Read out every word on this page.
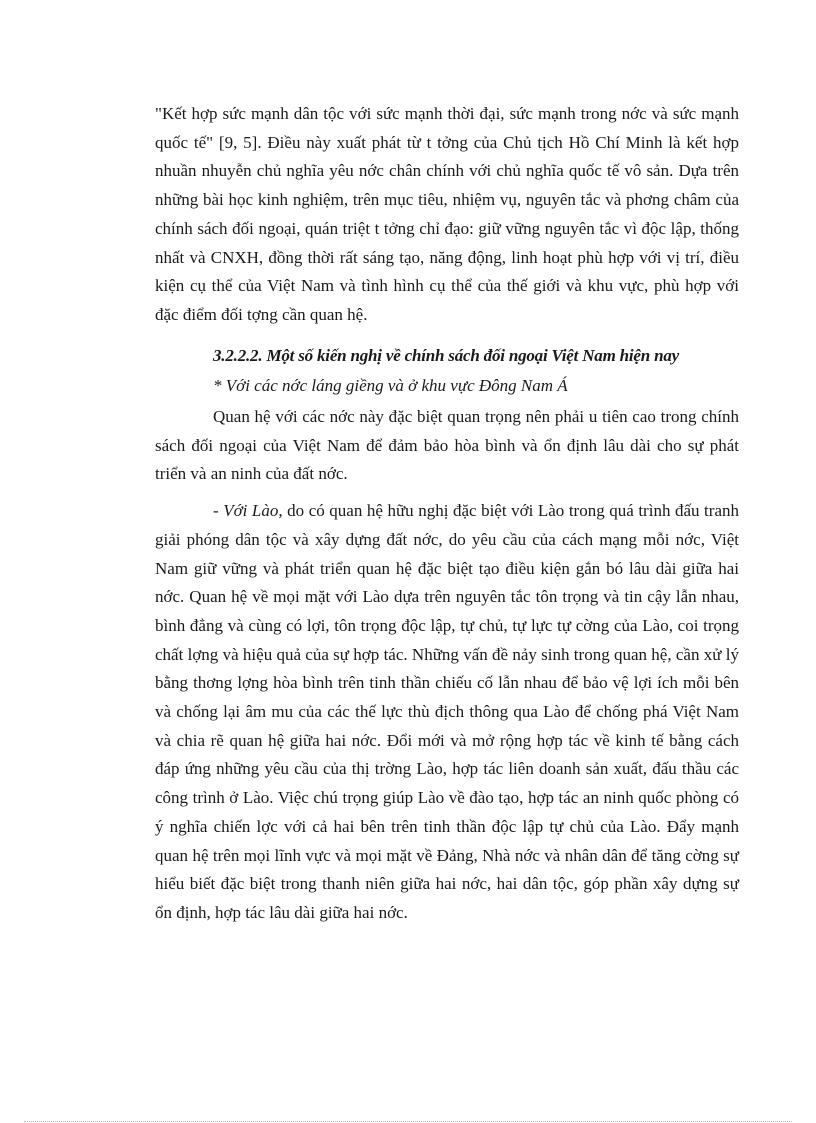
"Kết hợp sức mạnh dân tộc với sức mạnh thời đại, sức mạnh trong nớc và sức mạnh quốc tế" [9, 5]. Điều này xuất phát từ t tởng của Chủ tịch Hồ Chí Minh là kết hợp nhuần nhuyễn chủ nghĩa yêu nớc chân chính với chủ nghĩa quốc tế vô sản. Dựa trên những bài học kinh nghiệm, trên mục tiêu, nhiệm vụ, nguyên tắc và phơng châm của chính sách đối ngoại, quán triệt t tởng chỉ đạo: giữ vững nguyên tắc vì độc lập, thống nhất và CNXH, đồng thời rất sáng tạo, năng động, linh hoạt phù hợp với vị trí, điều kiện cụ thể của Việt Nam và tình hình cụ thể của thế giới và khu vực, phù hợp với đặc điểm đối tợng cần quan hệ.

3.2.2.2. Một số kiến nghị về chính sách đối ngoại Việt Nam hiện nay

* Với các nớc láng giềng và ở khu vực Đông Nam Á

Quan hệ với các nớc này đặc biệt quan trọng nên phải u tiên cao trong chính sách đối ngoại của Việt Nam để đảm bảo hòa bình và ổn định lâu dài cho sự phát triển và an ninh của đất nớc.

- Với Lào, do có quan hệ hữu nghị đặc biệt với Lào trong quá trình đấu tranh giải phóng dân tộc và xây dựng đất nớc, do yêu cầu của cách mạng mỗi nớc, Việt Nam giữ vững và phát triển quan hệ đặc biệt tạo điều kiện gắn bó lâu dài giữa hai nớc. Quan hệ về mọi mặt với Lào dựa trên nguyên tắc tôn trọng và tin cậy lẫn nhau, bình đẳng và cùng có lợi, tôn trọng độc lập, tự chủ, tự lực tự cờng của Lào, coi trọng chất lợng và hiệu quả của sự hợp tác. Những vấn đề nảy sinh trong quan hệ, cần xử lý bằng thơng lợng hòa bình trên tinh thần chiếu cố lẫn nhau để bảo vệ lợi ích mỗi bên và chống lại âm mu của các thế lực thù địch thông qua Lào để chống phá Việt Nam và chia rẽ quan hệ giữa hai nớc. Đổi mới và mở rộng hợp tác về kinh tế bằng cách đáp ứng những yêu cầu của thị trờng Lào, hợp tác liên doanh sản xuất, đấu thầu các công trình ở Lào. Việc chú trọng giúp Lào về đào tạo, hợp tác an ninh quốc phòng có ý nghĩa chiến lợc với cả hai bên trên tinh thần độc lập tự chủ của Lào. Đẩy mạnh quan hệ trên mọi lĩnh vực và mọi mặt về Đảng, Nhà nớc và nhân dân để tăng cờng sự hiểu biết đặc biệt trong thanh niên giữa hai nớc, hai dân tộc, góp phần xây dựng sự ổn định, hợp tác lâu dài giữa hai nớc.
